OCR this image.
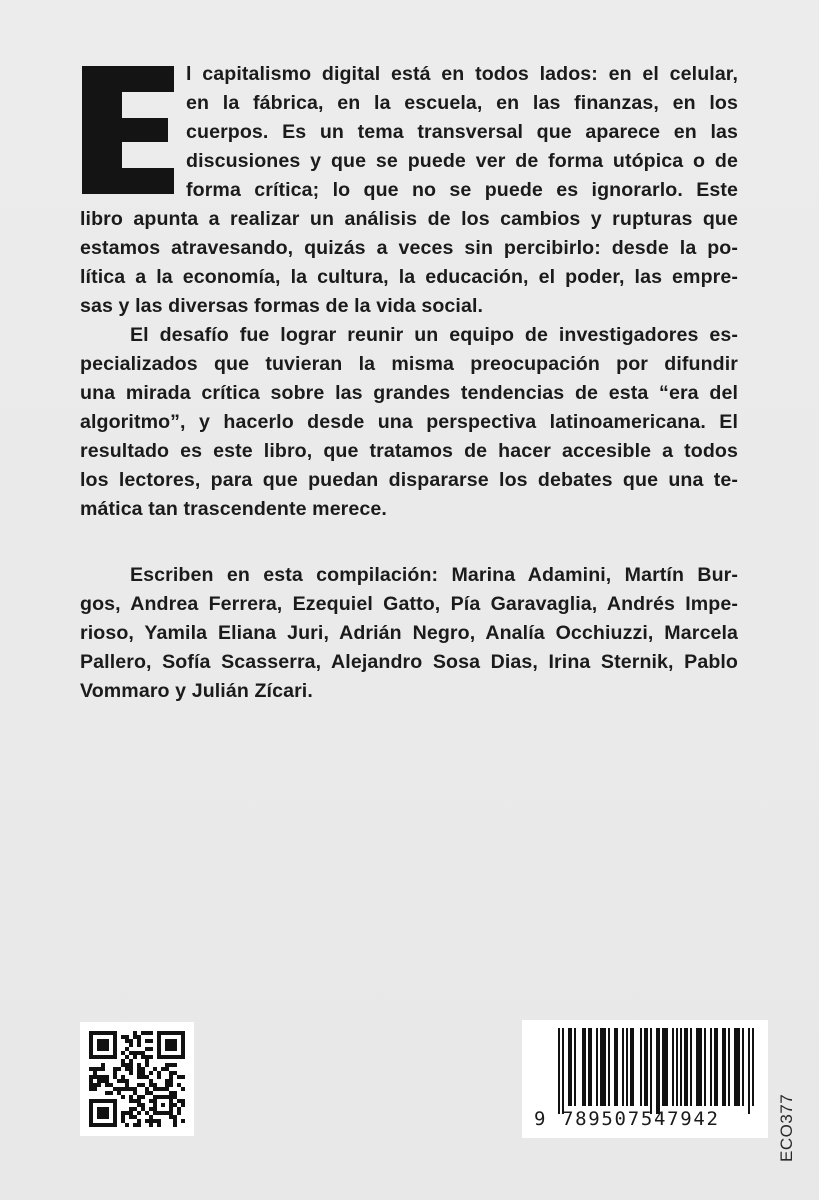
l capitalismo digital está en todos lados: en el celular,
en la fábrica, en la escuela, en las finanzas, en los
cuerpos. Es un tema transversal que aparece en las
discusiones y que se puede ver de forma utópica o de
forma crítica; lo que no se puede es ignorarlo. Este
libro apunta a realizar un análisis de los cambios y rupturas que
estamos atravesando, quizás a veces sin percibirlo: desde la po-
lítica a la economía, la cultura, la educación, el poder, las empre-
sas y las diversas formas de la vida social.
El desafío fue lograr reunir un equipo de investigadores es-
pecializados que tuvieran la misma preocupación por difundir
una mirada crítica sobre las grandes tendencias de esta “era del
algoritmo”, y hacerlo desde una perspectiva latinoamericana. El
resultado es este libro, que tratamos de hacer accesible a todos
los lectores, para que puedan dispararse los debates que una te-
mática tan trascendente merece.
Escriben en esta compilación: Marina Adamini, Martín Bur-
gos, Andrea Ferrera, Ezequiel Gatto, Pía Garavaglia, Andrés Impe-
rioso, Yamila Eliana Juri, Adrián Negro, Analía Occhiuzzi, Marcela
Pallero, Sofía Scasserra, Alejandro Sosa Dias, Irina Sternik, Pablo
Vommaro y Julián Zícari.
9 789507547942	ECO377
